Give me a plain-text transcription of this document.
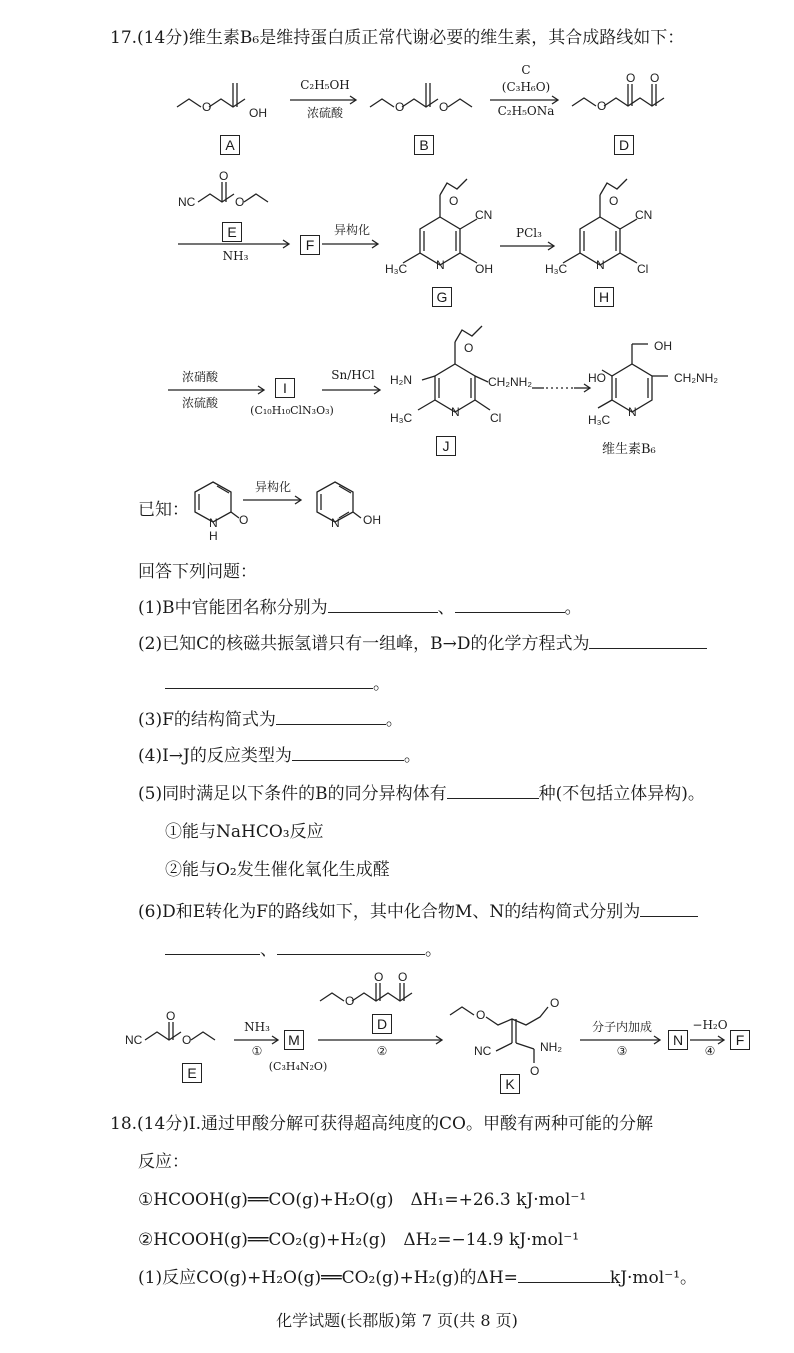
17.(14分)维生素B₆是维持蛋白质正常代谢必要的维生素，其合成路线如下：
O	OH
A
C₂H₅OH
浓硫酸	O	O
B
C
(C₃H₆O)
C₂H₅ONa	O
O O
D
NC
O
O
E
NH₃
F
异构化
O
N
H₃C	OH
CN
G
PCl₃
O
N
H₃C	Cl
CN
H
浓硝酸
浓硫酸
I
(C₁₀H₁₀ClN₃O₃)
Sn/HCl
O
N
H₂N	CH₂NH₂
H₃C	Cl
J
OH
N
HO	CH₂NH₂
H₃C
维生素B₆
已知：
N
H
O
异构化
N OH
回答下列问题：
(1)B中官能团名称分别为	、	。
(2)已知C的核磁共振氢谱只有一组峰，B→D的化学方程式为
。
(3)F的结构简式为	。
(4)I→J的反应类型为	。
(5)同时满足以下条件的B的同分异构体有	种(不包括立体异构)。
①能与NaHCO₃反应
②能与O₂发生催化氧化生成醛
(6)D和E转化为F的路线如下，其中化合物M、N的结构简式分别为
、	。
NC
O
O
E
NH₃
①
M
(C₃H₄N₂O)
O
O O
D
②
O
O
NC	NH₂
O
K
分子内加成
③
N
−H₂O
④
F
18.(14分)Ⅰ.通过甲酸分解可获得超高纯度的CO。甲酸有两种可能的分解
反应：
①HCOOH(g)══CO(g)+H₂O(g)　ΔH₁=+26.3 kJ·mol⁻¹
②HCOOH(g)══CO₂(g)+H₂(g)　ΔH₂=−14.9 kJ·mol⁻¹
(1)反应CO(g)+H₂O(g)══CO₂(g)+H₂(g)的ΔH=	kJ·mol⁻¹。
化学试题(长郡版)第 7 页(共 8 页)
